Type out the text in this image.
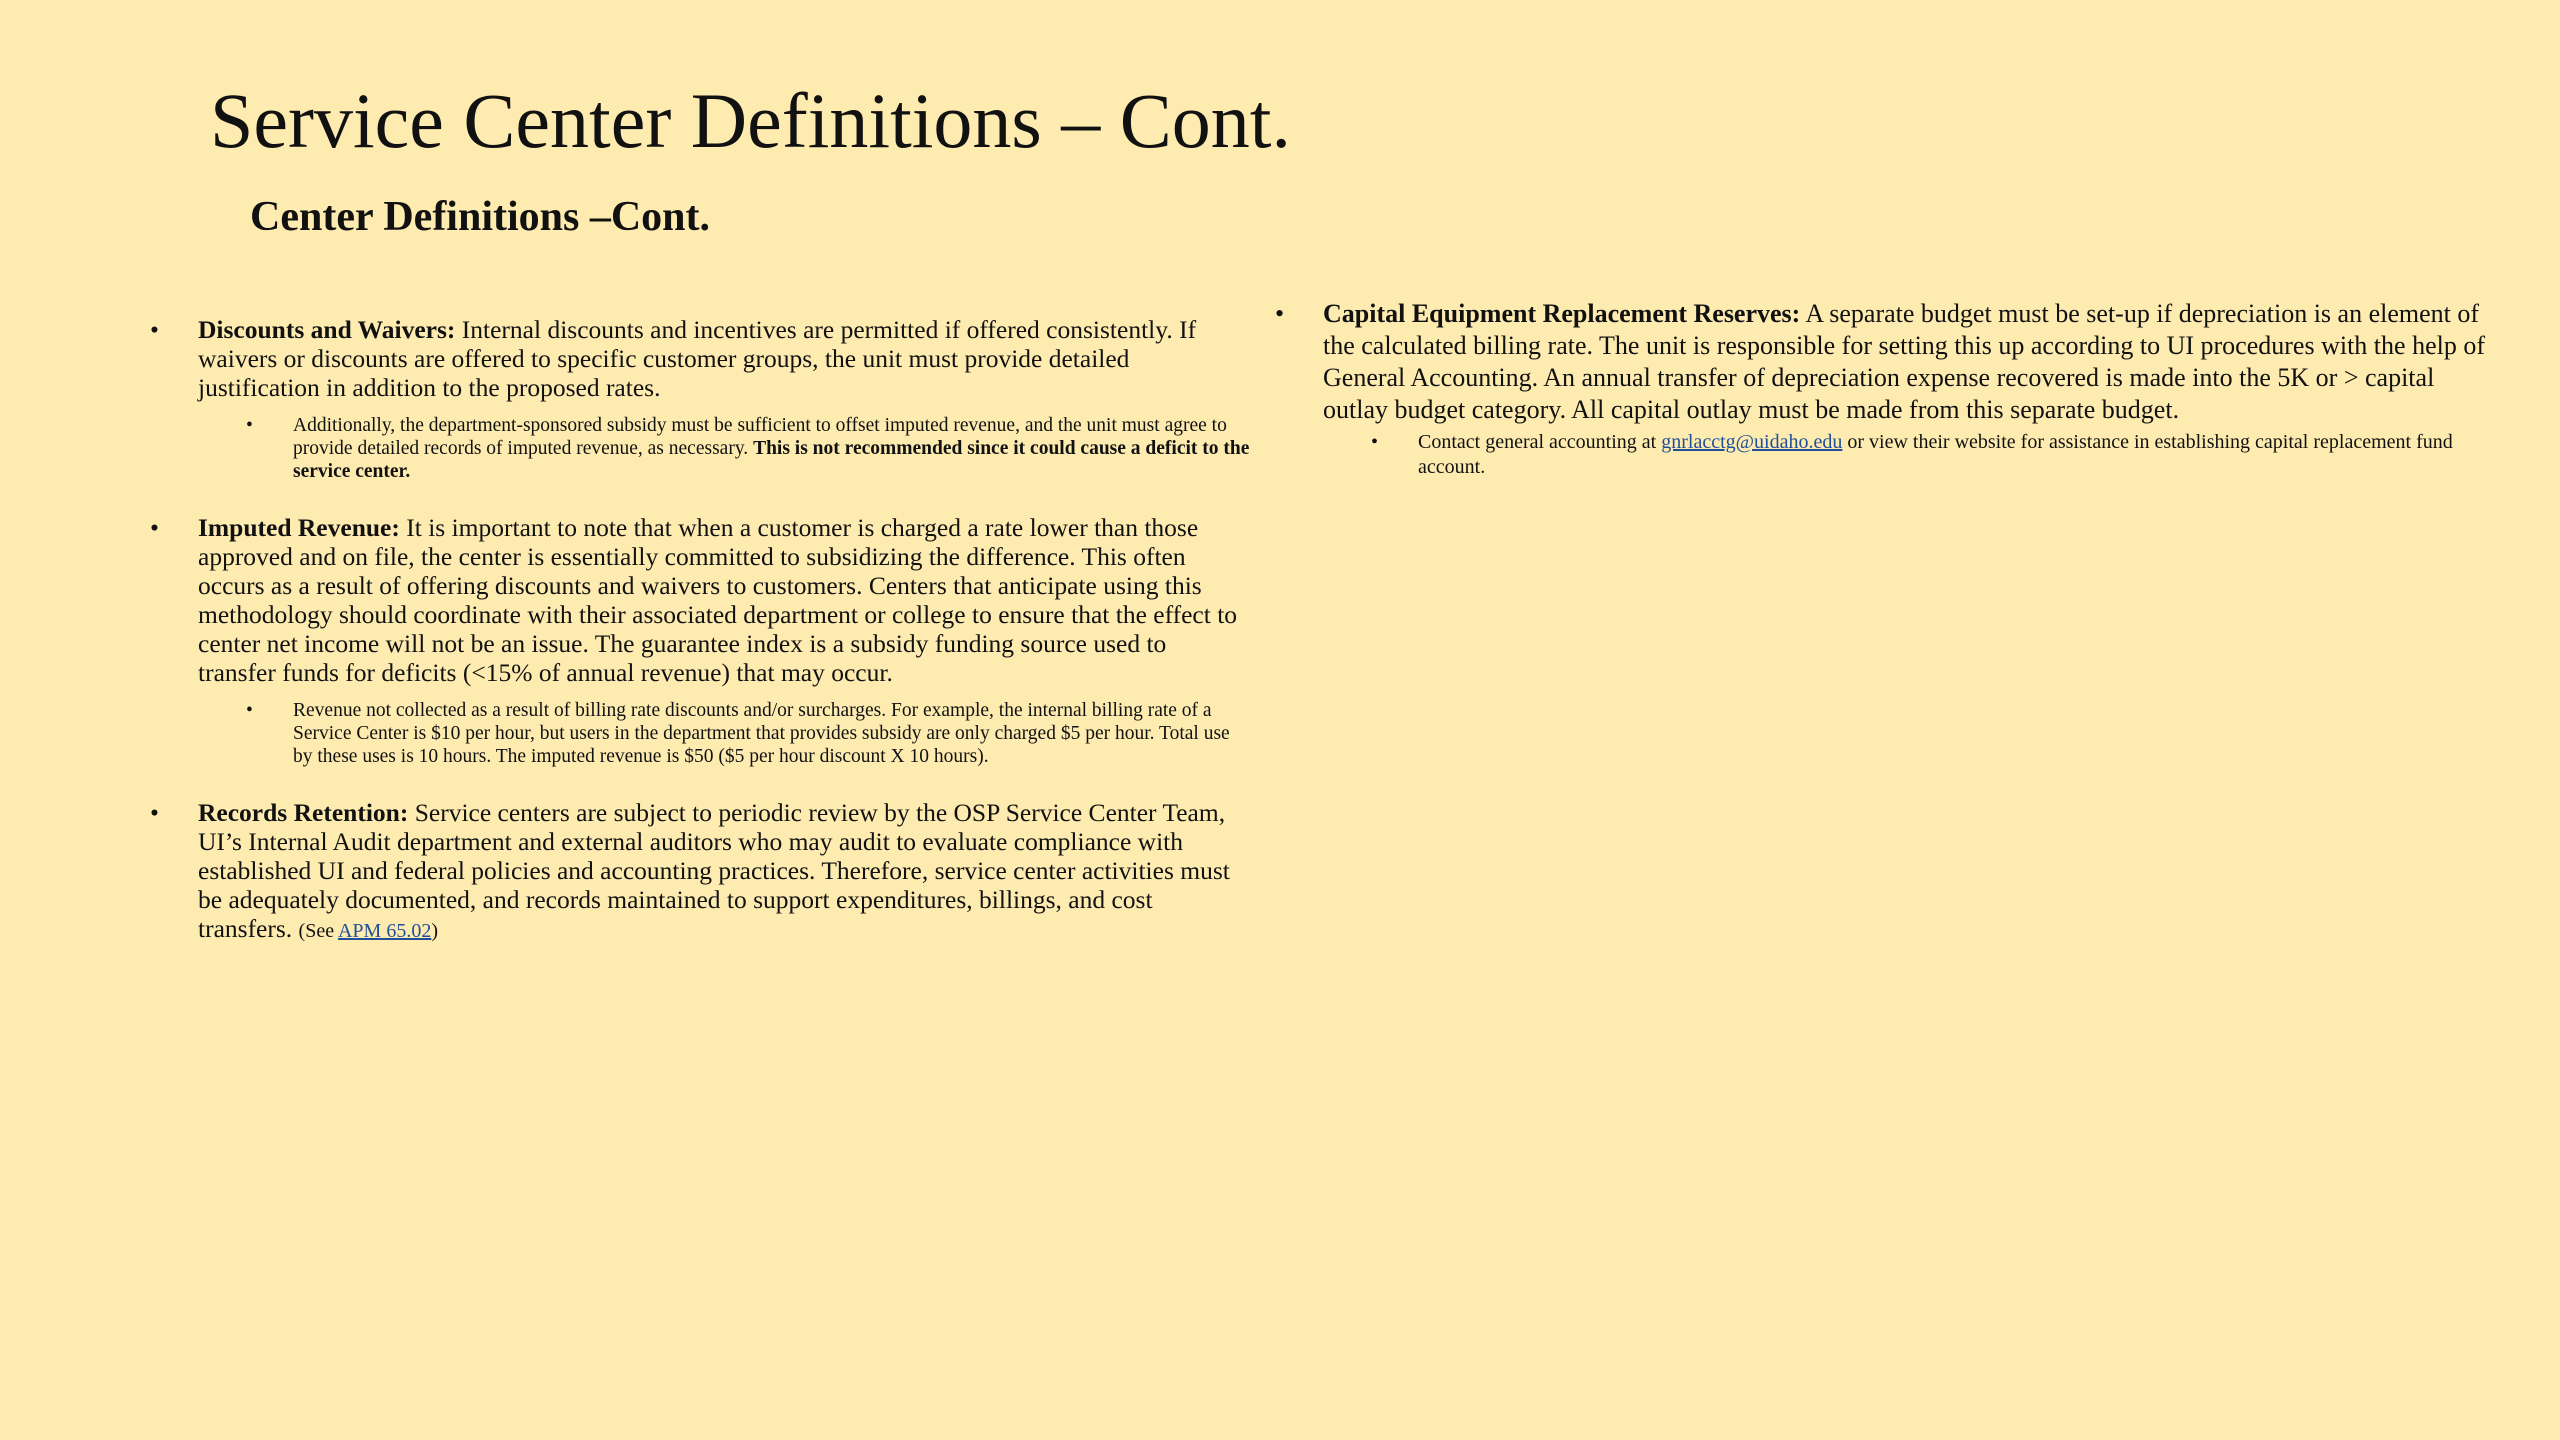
Service Center Definitions – Cont.
Center Definitions –Cont.
• Discounts and Waivers: Internal discounts and incentives are permitted if offered consistently. If waivers or discounts are offered to specific customer groups, the unit must provide detailed justification in addition to the proposed rates.
• Additionally, the department-sponsored subsidy must be sufficient to offset imputed revenue, and the unit must agree to provide detailed records of imputed revenue, as necessary. This is not recommended since it could cause a deficit to the service center.
• Imputed Revenue: It is important to note that when a customer is charged a rate lower than those approved and on file, the center is essentially committed to subsidizing the difference. This often occurs as a result of offering discounts and waivers to customers. Centers that anticipate using this methodology should coordinate with their associated department or college to ensure that the effect to center net income will not be an issue. The guarantee index is a subsidy funding source used to transfer funds for deficits (<15% of annual revenue) that may occur.
• Revenue not collected as a result of billing rate discounts and/or surcharges. For example, the internal billing rate of a Service Center is $10 per hour, but users in the department that provides subsidy are only charged $5 per hour. Total use by these uses is 10 hours. The imputed revenue is $50 ($5 per hour discount X 10 hours).
• Records Retention: Service centers are subject to periodic review by the OSP Service Center Team, UI’s Internal Audit department and external auditors who may audit to evaluate compliance with established UI and federal policies and accounting practices. Therefore, service center activities must be adequately documented, and records maintained to support expenditures, billings, and cost transfers. (See APM 65.02)
• Capital Equipment Replacement Reserves: A separate budget must be set-up if depreciation is an element of the calculated billing rate. The unit is responsible for setting this up according to UI procedures with the help of General Accounting. An annual transfer of depreciation expense recovered is made into the 5K or > capital outlay budget category. All capital outlay must be made from this separate budget.
• Contact general accounting at gnrlacctg@uidaho.edu or view their website for assistance in establishing capital replacement fund account.
